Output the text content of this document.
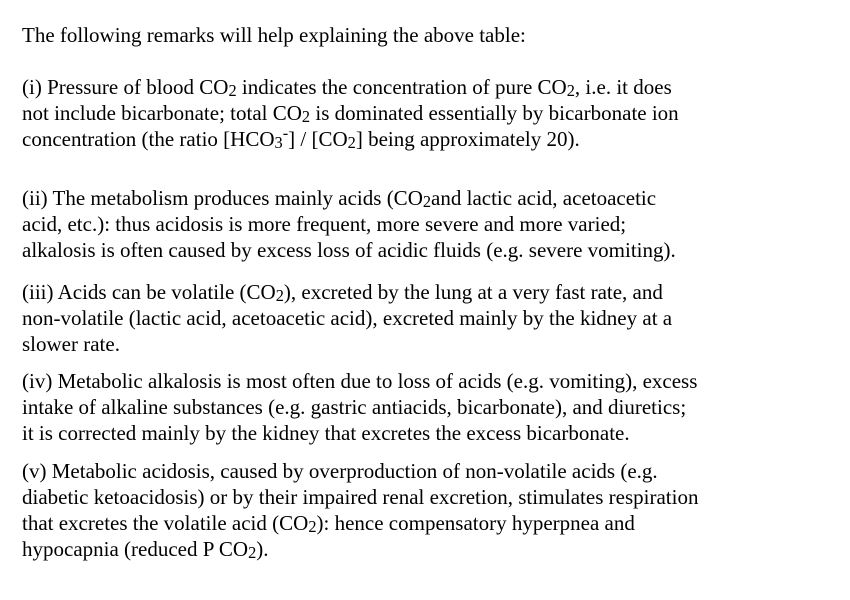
The following remarks will help explaining the above table:

(i) Pressure of blood $CO_2$ indicates the concentration of pure $CO_2$, i.e. it does
not include bicarbonate; total $CO_2$ is dominated essentially by bicarbonate ion
concentration (the ratio $[HCO_3^-] / [CO_2]$ being approximately 20).
(ii) The metabolism produces mainly acids ($CO_2and$ lactic acid, acetoacetic
acid, etc.): thus acidosis is more frequent, more severe and more varied;
alkalosis is often caused by excess loss of acidic fluids (e.g. severe vomiting).
(iii) Acids can be volatile $(CO_2)$, excreted by the lung at a very fast rate, and
non-volatile (lactic acid, acetoacetic acid), excreted mainly by the kidney at a
slower rate.
(iv) Metabolic alkalosis is most often due to loss of acids (e.g. vomiting), excess
intake of alkaline substances (e.g. gastric antiacids, bicarbonate), and diuretics;
it is corrected mainly by the kidney that excretes the excess bicarbonate.
(v) Metabolic acidosis, caused by overproduction of non-volatile acids (e.g.
diabetic ketoacidosis) or by their impaired renal excretion, stimulates respiration
that excretes the volatile acid $(CO_2)$: hence compensatory hyperpnea and
hypocapnia (reduced P $CO_2$).
